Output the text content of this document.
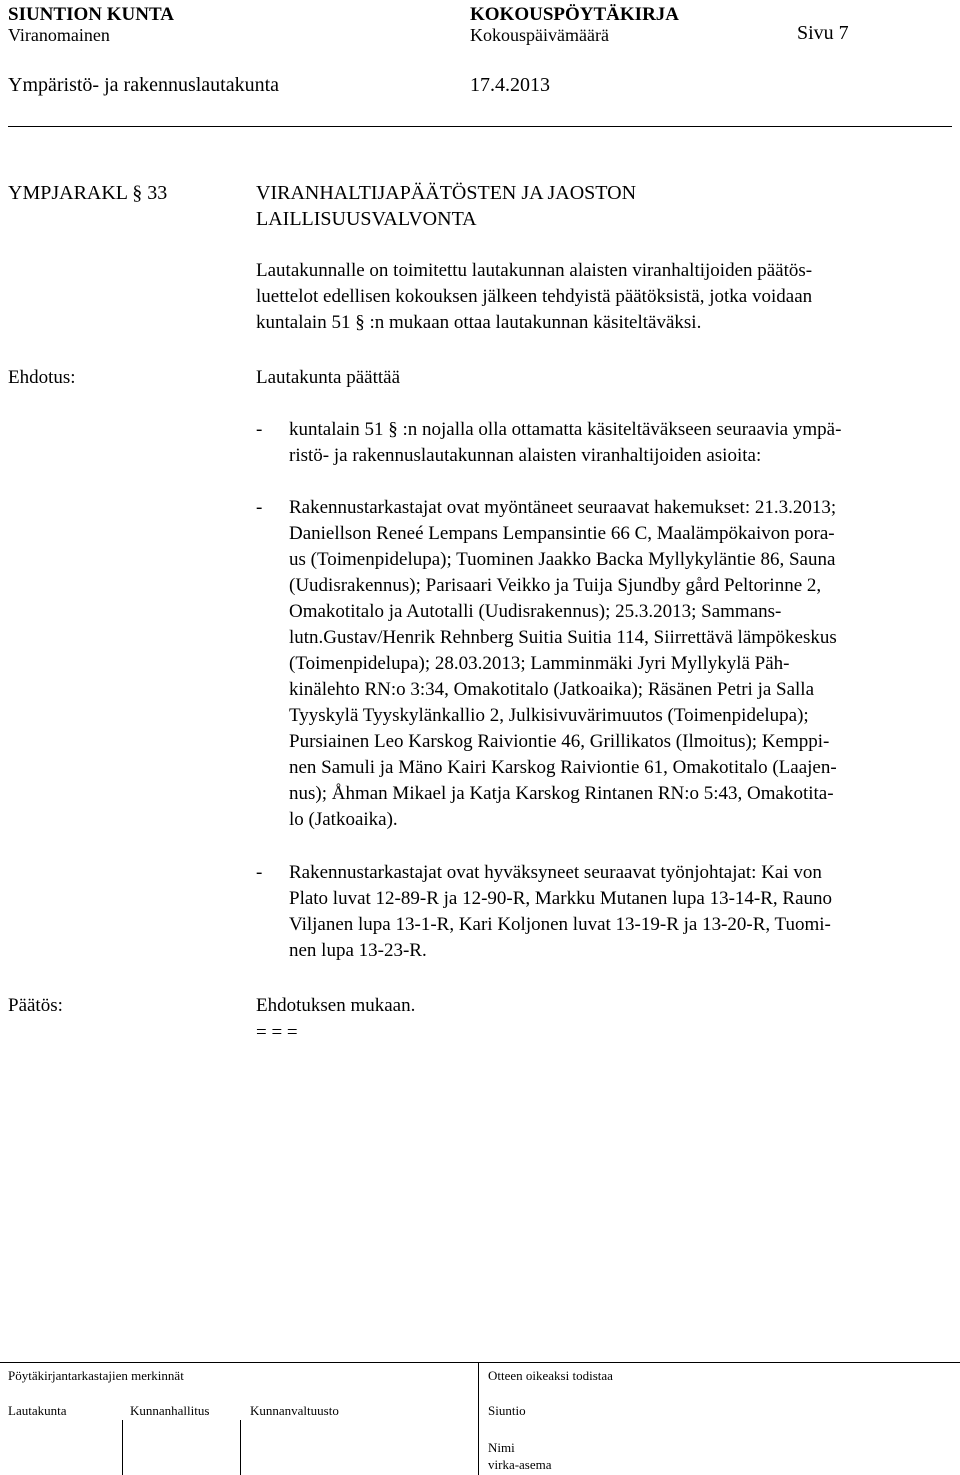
SIUNTION KUNTA	KOKOUSPÖYTÄKIRJA
Viranomainen	Kokouspäivämäärä	Sivu 7
Ympäristö- ja rakennuslautakunta	17.4.2013
YMPJARAKL § 33	VIRANHALTIJAPÄÄTÖSTEN JA JAOSTON
LAILLISUUSVALVONTA

Lautakunnalle on toimitettu lautakunnan alaisten viranhaltijoiden päätös-

luettelot edellisen kokouksen jälkeen tehdyistä päätöksistä, jotka voidaan

kuntalain 51 § :n mukaan ottaa lautakunnan käsiteltäväksi.

Ehdotus:	Lautakunta päättää
- kuntalain 51 § :n nojalla olla ottamatta käsiteltäväkseen seuraavia ympä-

ristö- ja rakennuslautakunnan alaisten viranhaltijoiden asioita:

- Rakennustarkastajat ovat myöntäneet seuraavat hakemukset: 21.3.2013;

Daniellson Reneé Lempans Lempansintie 66 C, Maalämpökaivon pora-

us (Toimenpidelupa); Tuominen Jaakko Backa Myllykyläntie 86, Sauna

(Uudisrakennus); Parisaari Veikko ja Tuija Sjundby gård Peltorinne 2,

Omakotitalo ja Autotalli (Uudisrakennus); 25.3.2013; Sammans-

lutn.Gustav/Henrik Rehnberg Suitia Suitia 114, Siirrettävä lämpökeskus

(Toimenpidelupa); 28.03.2013; Lamminmäki Jyri Myllykylä Päh-

kinälehto RN:o 3:34, Omakotitalo (Jatkoaika); Räsänen Petri ja Salla

Tyyskylä Tyyskylänkallio 2, Julkisivuvärimuutos (Toimenpidelupa);

Pursiainen Leo Karskog Raiviontie 46, Grillikatos (Ilmoitus); Kemppi-

nen Samuli ja Mäno Kairi Karskog Raiviontie 61, Omakotitalo (Laajen-

nus); Åhman Mikael ja Katja Karskog Rintanen RN:o 5:43, Omakotita-

lo (Jatkoaika).

- Rakennustarkastajat ovat hyväksyneet seuraavat työnjohtajat: Kai von

Plato luvat 12-89-R ja 12-90-R, Markku Mutanen lupa 13-14-R, Rauno

Viljanen lupa 13-1-R, Kari Koljonen luvat 13-19-R ja 13-20-R, Tuomi-

nen lupa 13-23-R.

Päätös:	Ehdotuksen mukaan.
= = =
Pöytäkirjantarkastajien merkinnät	Otteen oikeaksi todistaa
Lautakunta	Kunnanhallitus	Kunnanvaltuusto	Siuntio
Nimi
virka-asema
